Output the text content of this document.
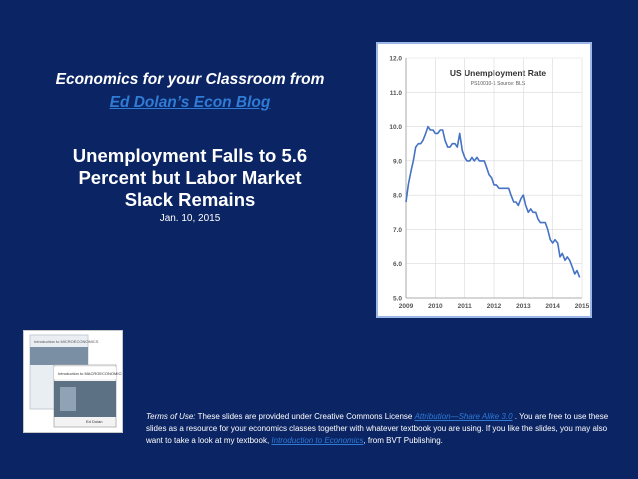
Economics for your Classroom from
Ed Dolan’s Econ Blog
Unemployment Falls to 5.6
Percent but Labor Market
Slack Remains
Jan. 10, 2015
US Unemployment Rate
PS10010-1 Source: BLS
5.0
6.0
7.0
8.0
9.0
10.0
11.0
12.0
2009 2010 2011 2012 2013 2014 2015
Introduction to MICROECONOMICS
Introduction to MACROECONOMICS
Ed Dolan
Terms of Use: These slides are provided under Creative Commons License Attribution—Share Alike 3.0 . You are free to use these slides as a resource for your economics classes together with whatever textbook you are using. If you like the slides, you may also want to take a look at my textbook, Introduction to Economics, from BVT Publishing.
